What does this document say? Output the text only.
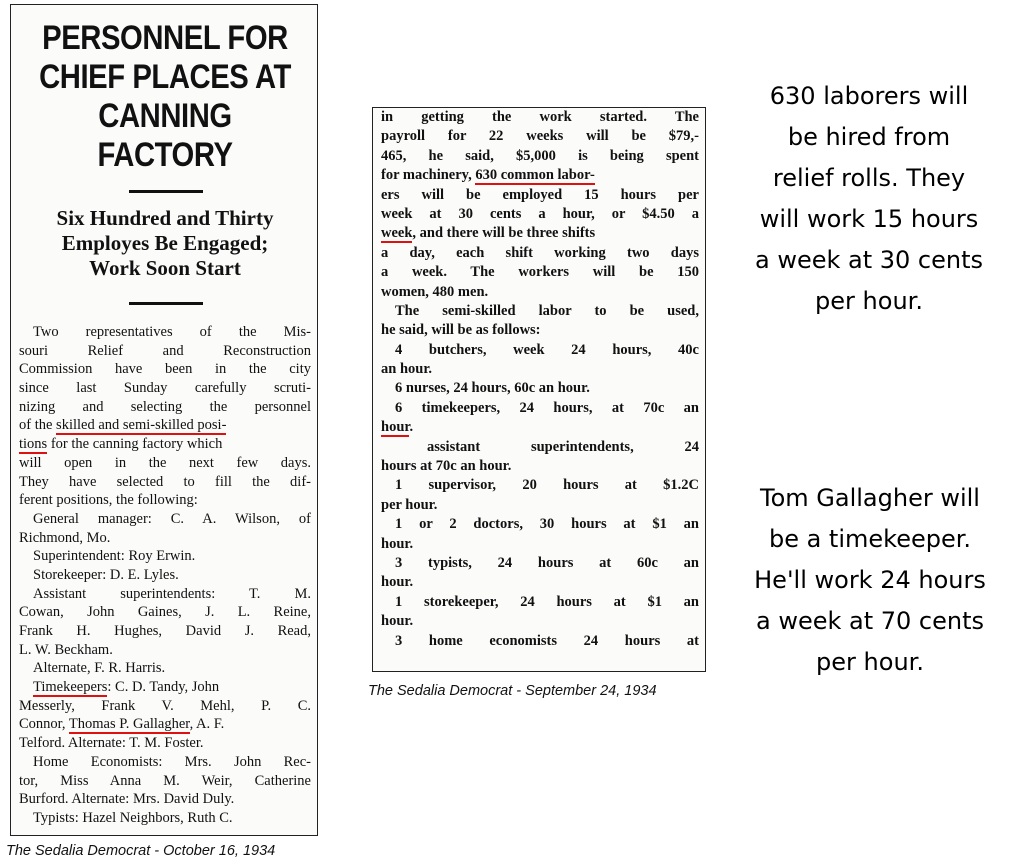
PERSONNEL FOR
CHIEF PLACES AT
CANNING FACTORY
Six Hundred and Thirty
Employes Be Engaged;
Work Soon Start
Two representatives of the Mis-
souri Relief and Reconstruction
Commission have been in the city
since last Sunday carefully scruti-
nizing and selecting the personnel
of the skilled and semi-skilled posi-
tions for the canning factory which
will open in the next few days.
They have selected to fill the dif-
ferent positions, the following:
General manager: C. A. Wilson, of
Richmond, Mo.
Superintendent: Roy Erwin.
Storekeeper: D. E. Lyles.
Assistant superintendents: T. M.
Cowan, John Gaines, J. L. Reine,
Frank H. Hughes, David J. Read,
L. W. Beckham.
Alternate, F. R. Harris.
Timekeepers: C. D. Tandy, John
Messerly, Frank V. Mehl, P. C.
Connor, Thomas P. Gallagher, A. F.
Telford. Alternate: T. M. Foster.
Home Economists: Mrs. John Rec-
tor, Miss Anna M. Weir, Catherine
Burford. Alternate: Mrs. David Duly.
Typists: Hazel Neighbors, Ruth C.
The Sedalia Democrat - October 16, 1934
in getting the work started. The
payroll for 22 weeks will be $79,-
465, he said, $5,000 is being spent
for machinery, 630 common labor-
ers will be employed 15 hours per
week at 30 cents a hour, or $4.50 a
week, and there will be three shifts
a day, each shift working two days
a week. The workers will be 150
women, 480 men.
The semi-skilled labor to be used,
he said, will be as follows:
4 butchers, week 24 hours, 40c
an hour.
6 nurses, 24 hours, 60c an hour.
6 timekeepers, 24 hours, at 70c an
hour.
assistant superintendents, 24
hours at 70c an hour.
1 supervisor, 20 hours at $1.2C
per hour.
1 or 2 doctors, 30 hours at $1 an
hour.
3 typists, 24 hours at 60c an
hour.
1 storekeeper, 24 hours at $1 an
hour.
3 home economists 24 hours at
The Sedalia Democrat - September 24, 1934
630 laborers will
be hired from
relief rolls. They
will work 15 hours
a week at 30 cents
per hour.
Tom Gallagher will
be a timekeeper.
He'll work 24 hours
a week at 70 cents
per hour.
